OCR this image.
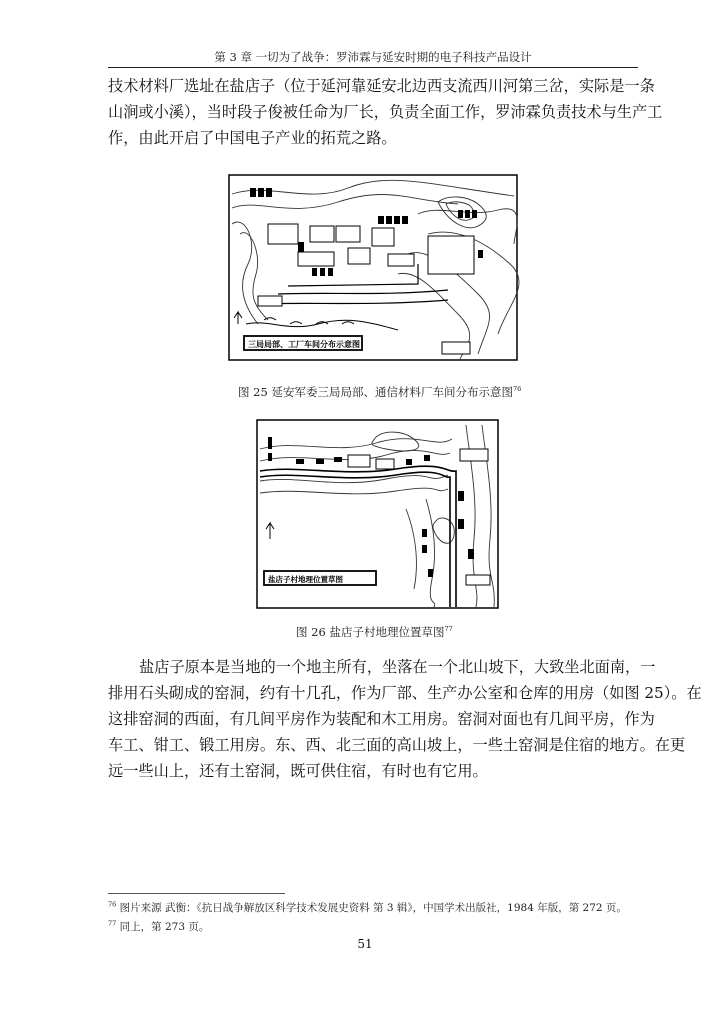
第 3 章 一切为了战争：罗沛霖与延安时期的电子科技产品设计
技术材料厂选址在盐店子（位于延河靠延安北边西支流西川河第三岔，实际是一条
山涧或小溪），当时段子俊被任命为厂长，负责全面工作，罗沛霖负责技术与生产工
作，由此开启了中国电子产业的拓荒之路。
三局局部、工厂车间分布示意图
图 25 延安军委三局局部、通信材料厂车间分布示意图$^{76}$
盐店子村地理位置草图
图 26 盐店子村地理位置草图$^{77}$
盐店子原本是当地的一个地主所有，坐落在一个北山坡下，大致坐北面南，一
排用石头砌成的窑洞，约有十几孔，作为厂部、生产办公室和仓库的用房（如图 25）。在
这排窑洞的西面，有几间平房作为装配和木工用房。窑洞对面也有几间平房，作为
车工、钳工、锻工用房。东、西、北三面的高山坡上，一些土窑洞是住宿的地方。在更
远一些山上，还有土窑洞，既可供住宿，有时也有它用。
$^{76}$ 图片来源 武衡：《抗日战争解放区科学技术发展史资料 第 3 辑》，中国学术出版社，1984 年版，第 272 页。
$^{77}$ 同上，第 273 页。
51
